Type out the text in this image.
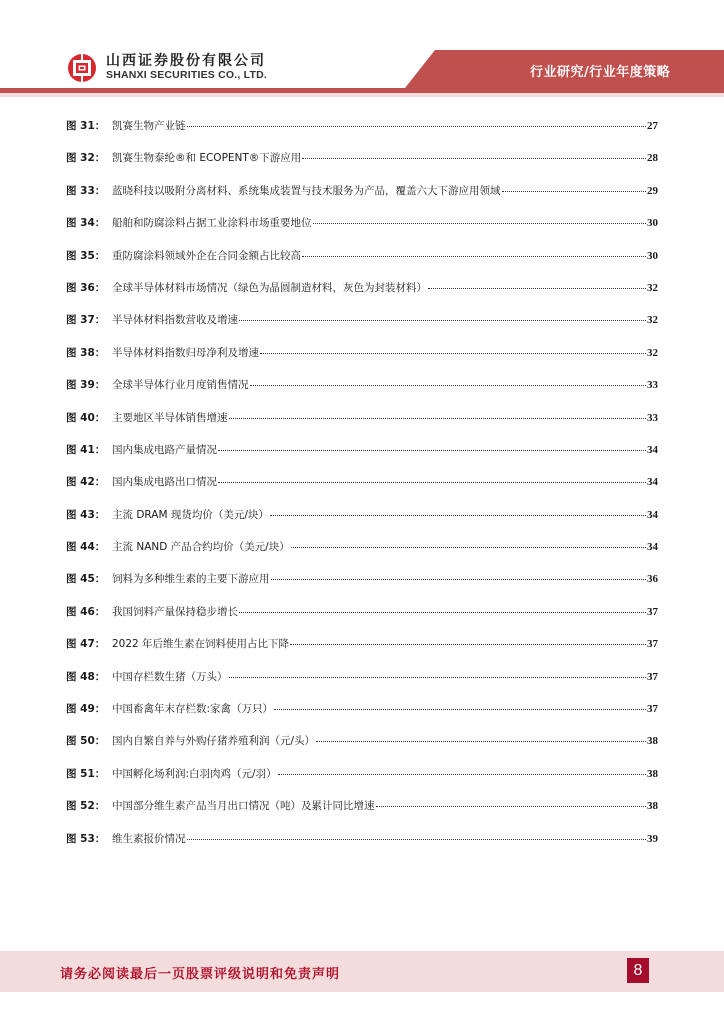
山西证券股份有限公司
SHANXI SECURITIES CO., LTD.	行业研究/行业年度策略
图 31： 凯赛生物产业链	27
图 32： 凯赛生物泰纶®和 ECOPENT®下游应用	28
图 33： 蓝晓科技以吸附分离材料、系统集成装置与技术服务为产品，覆盖六大下游应用领域	29
图 34： 船舶和防腐涂料占据工业涂料市场重要地位	30
图 35： 重防腐涂料领域外企在合同金额占比较高	30
图 36： 全球半导体材料市场情况（绿色为晶圆制造材料，灰色为封装材料）	32
图 37： 半导体材料指数营收及增速	32
图 38： 半导体材料指数归母净利及增速	32
图 39： 全球半导体行业月度销售情况	33
图 40： 主要地区半导体销售增速	33
图 41： 国内集成电路产量情况	34
图 42： 国内集成电路出口情况	34
图 43： 主流 DRAM 现货均价（美元/块）	34
图 44： 主流 NAND 产品合约均价（美元/块）	34
图 45： 饲料为多种维生素的主要下游应用	36
图 46： 我国饲料产量保持稳步增长	37
图 47： 2022 年后维生素在饲料使用占比下降	37
图 48： 中国存栏数生猪（万头）	37
图 49： 中国畜禽年末存栏数:家禽（万只）	37
图 50： 国内自繁自养与外购仔猪养殖利润（元/头）	38
图 51： 中国孵化场利润:白羽肉鸡（元/羽）	38
图 52： 中国部分维生素产品当月出口情况（吨）及累计同比增速	38
图 53： 维生素报价情况	39
请务必阅读最后一页股票评级说明和免责声明	8
